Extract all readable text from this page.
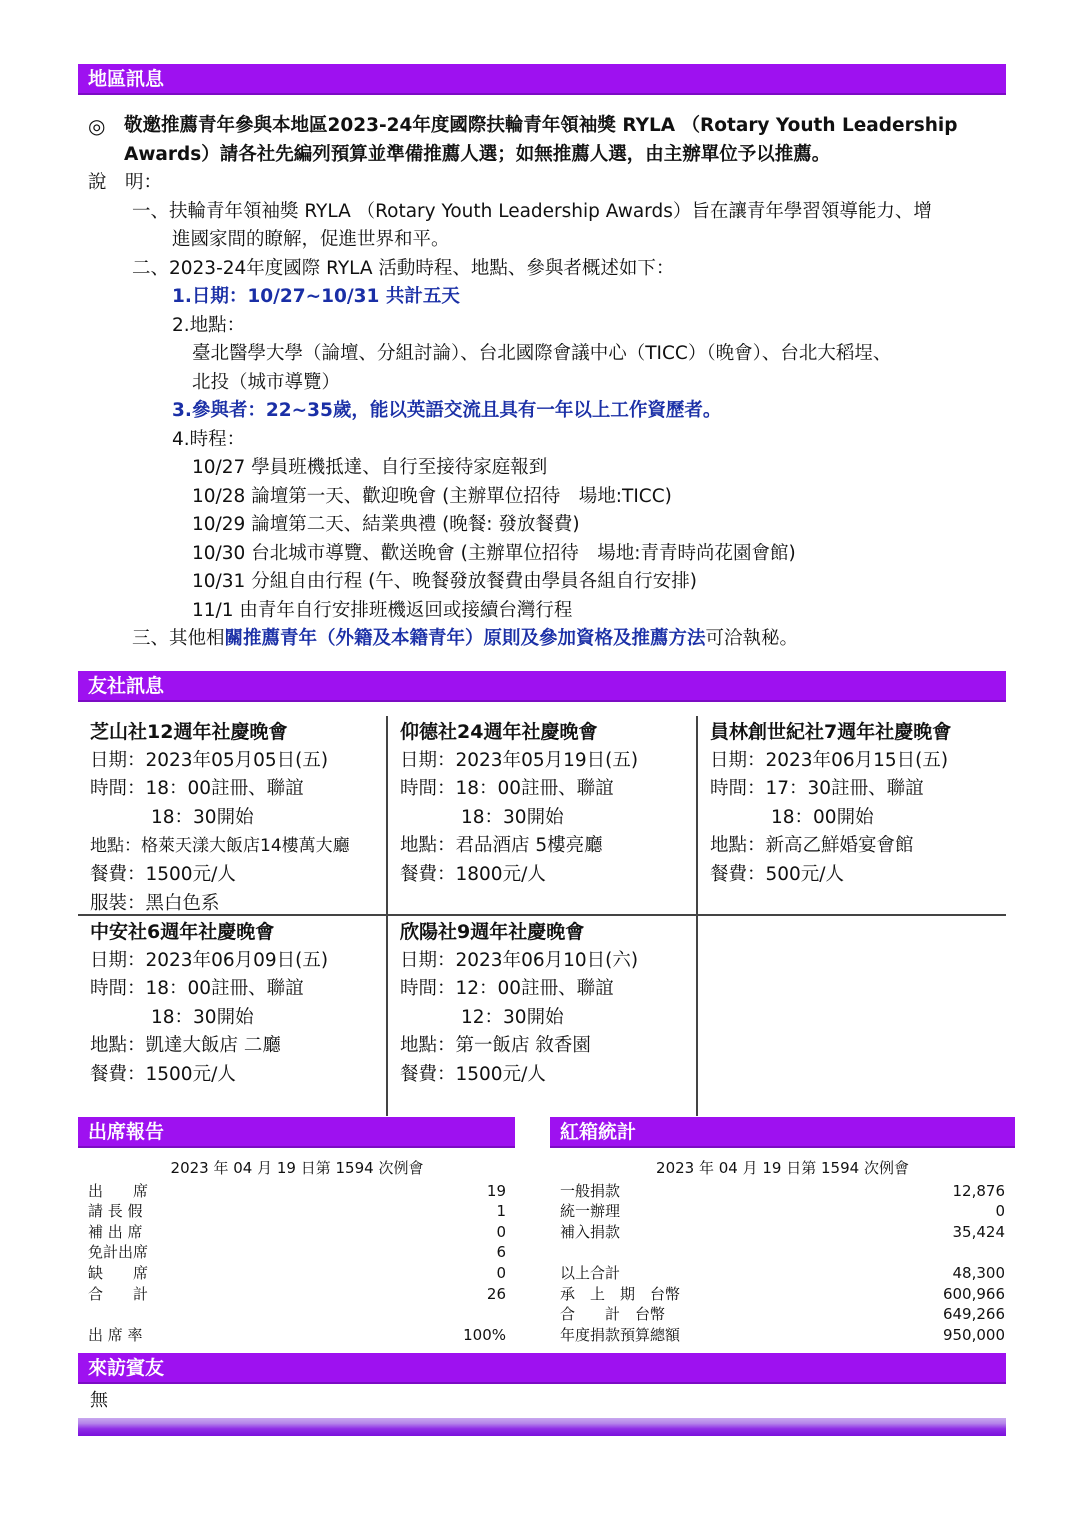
地區訊息
◎ 敬邀推薦青年參與本地區2023-24年度國際扶輪青年領袖獎 RYLA （Rotary Youth Leadership
Awards）請各社先編列預算並準備推薦人選；如無推薦人選，由主辦單位予以推薦。
說　明：
一、扶輪青年領袖獎 RYLA （Rotary Youth Leadership Awards）旨在讓青年學習領導能力、增
進國家間的瞭解，促進世界和平。
二、2023-24年度國際 RYLA 活動時程、地點、參與者概述如下：
1.日期：10/27~10/31 共計五天
2.地點：
臺北醫學大學（論壇、分組討論）、台北國際會議中心（TICC）（晚會）、台北大稻埕、
北投（城市導覽）
3.參與者：22~35歲，能以英語交流且具有一年以上工作資歷者。
4.時程：
10/27 學員班機抵達、自行至接待家庭報到
10/28 論壇第一天、歡迎晚會 (主辦單位招待　場地:TICC)
10/29 論壇第二天、結業典禮 (晚餐: 發放餐費)
10/30 台北城市導覽、歡送晚會 (主辦單位招待　場地:青青時尚花園會館)
10/31 分組自由行程 (午、晚餐發放餐費由學員各組自行安排)
11/1 由青年自行安排班機返回或接續台灣行程
三、其他相關推薦青年（外籍及本籍青年）原則及參加資格及推薦方法可洽執秘。
友社訊息
芝山社12週年社慶晚會
日期：2023年05月05日(五)
時間：18：00註冊、聯誼
18：30開始
地點：格萊天漾大飯店14樓萬大廳
餐費：1500元/人
服裝：黑白色系
仰德社24週年社慶晚會
日期：2023年05月19日(五)
時間：18：00註冊、聯誼
18：30開始
地點：君品酒店 5樓亮廳
餐費：1800元/人
員林創世紀社7週年社慶晚會
日期：2023年06月15日(五)
時間：17：30註冊、聯誼
18：00開始
地點：新高乙鮮婚宴會館
餐費：500元/人
中安社6週年社慶晚會
日期：2023年06月09日(五)
時間：18：00註冊、聯誼
18：30開始
地點：凱達大飯店 二廳
餐費：1500元/人
欣陽社9週年社慶晚會
日期：2023年06月10日(六)
時間：12：00註冊、聯誼
12：30開始
地點：第一飯店 敘香園
餐費：1500元/人
出席報告	紅箱統計
2023 年 04 月 19 日第 1594 次例會
出　　席	19
請 長 假	1
補 出 席	0
免計出席	6
缺　　席	0
合　　計	26
出 席 率	100%
2023 年 04 月 19 日第 1594 次例會
一般捐款	12,876
統一辦理	0
補入捐款	35,424
以上合計	48,300
承　上　期　台幣	600,966
合　　計　台幣	649,266
年度捐款預算總額	950,000
來訪賓友
無
